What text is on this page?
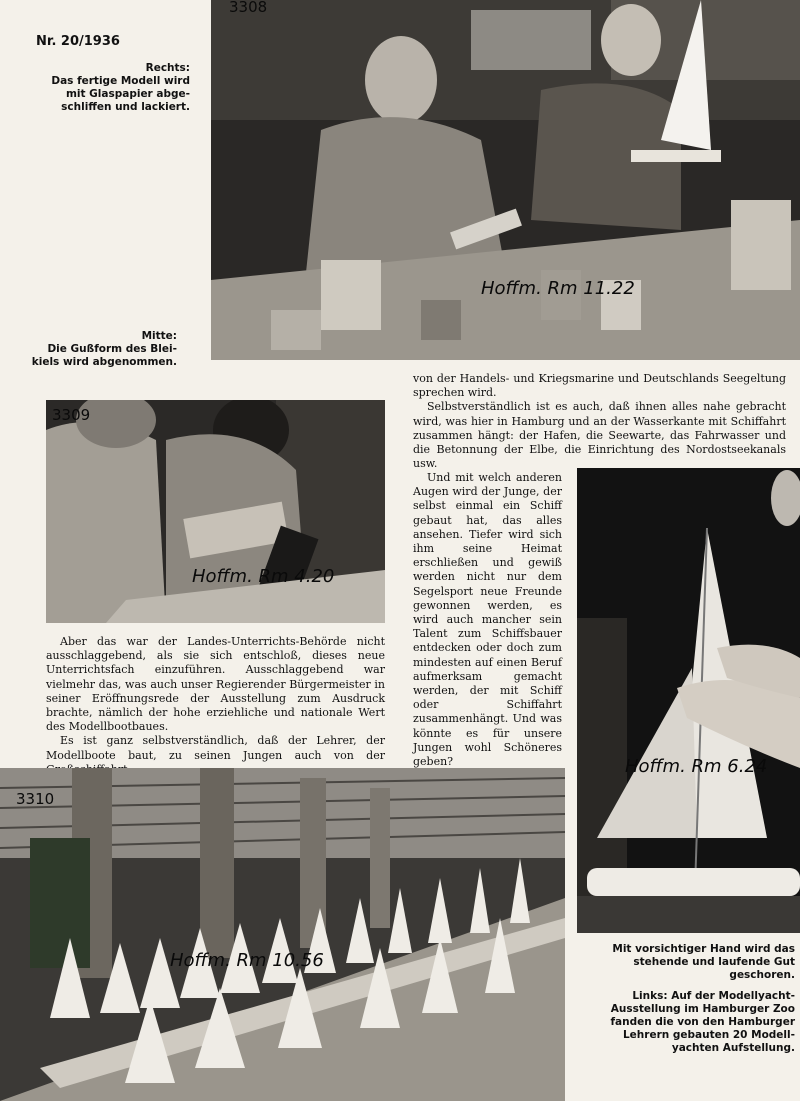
Nr. 20/1936
Rechts:
Das fertige Modell wird
mit Glaspapier abge-
schliffen und lackiert.
Mitte:
Die Gußform des Blei-
kiels wird abgenommen.
3308
Hoffm. Rm 11.22
3309
Hoffm. Rm 4.20

von der Handels- und Kriegsmarine und Deutschlands Seegeltung sprechen wird.

Selbstverständlich ist es auch, daß ihnen alles nahe gebracht wird, was hier in Hamburg und an der Wasserkante mit Schiffahrt zusammen hängt: der Hafen, die Seewarte, das Fahrwasser und die Betonnung der Elbe, die Einrichtung des Nordostseekanals usw.

Und mit welch anderen Augen wird der Junge, der selbst einmal ein Schiff gebaut hat, das alles ansehen. Tiefer wird sich ihm seine Heimat erschließen und gewiß werden nicht nur dem Segelsport neue Freunde gewonnen werden, es wird auch mancher sein Talent zum Schiffsbauer entdecken oder doch zum mindesten auf einen Beruf aufmerksam gemacht werden, der mit Schiff oder Schiffahrt zusammenhängt. Und was könnte es für unsere Jungen wohl Schöneres geben?

Aber das war der Landes-Unterrichts-Behörde nicht ausschlaggebend, als sie sich entschloß, dieses neue Unterrichtsfach einzuführen. Ausschlaggebend war vielmehr das, was auch unser Regierender Bürgermeister in seiner Eröffnungsrede der Ausstellung zum Ausdruck brachte, nämlich der hohe erziehliche und nationale Wert des Modellbootbaues.

Es ist ganz selbstverständlich, daß der Lehrer, der Modellboote baut, zu seinen Jungen auch von der

Hoffm. Rm 6.24
Mit vorsichtiger Hand wird das
stehende und laufende Gut
geschoren.
Links: Auf der Modellyacht-
Ausstellung im Hamburger Zoo
fanden die von den Hamburger
Lehrern gebauten 20 Modell-
yachten Aufstellung.
3310
Hoffm. Rm 10.56
